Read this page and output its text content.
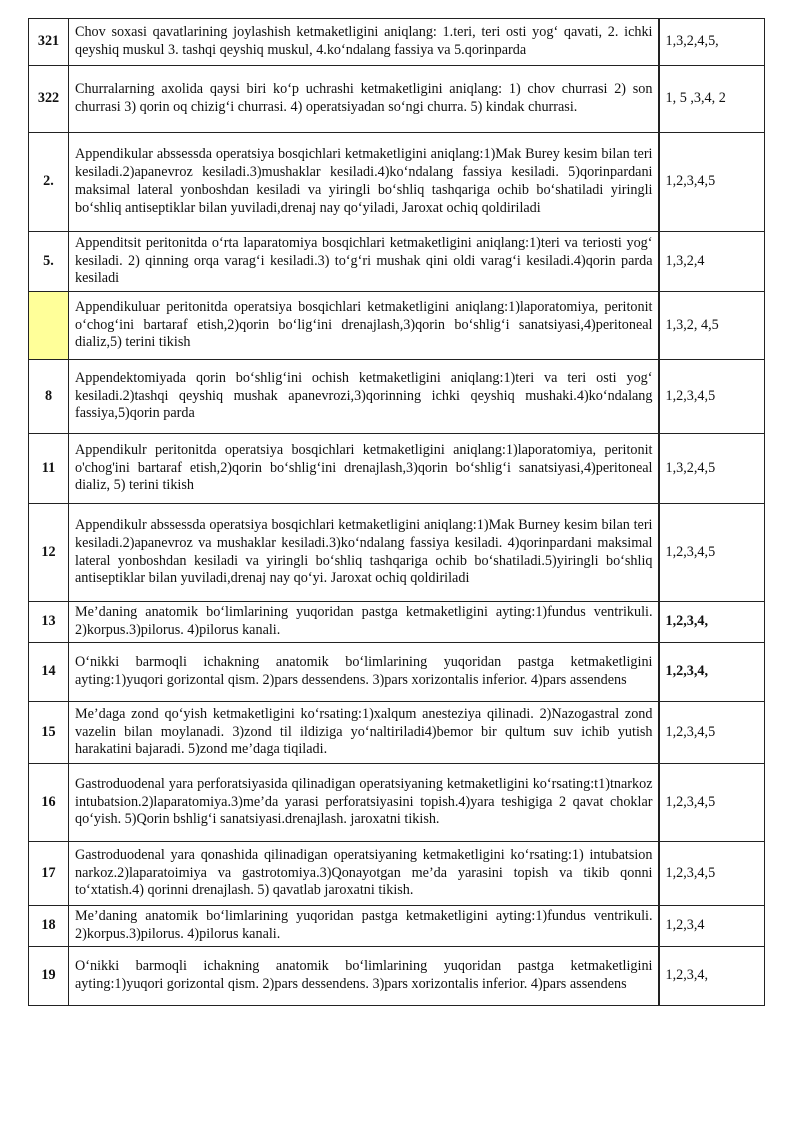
321	Chov soxasi qavatlarining joylashish ketmaketligini aniqlang: 1.teri, teri osti yog‘ qavati, 2. ichki qeyshiq muskul 3. tashqi qeyshiq muskul, 4.ko‘ndalang fassiya va 5.qorinparda	1,3,2,4,5,
322	Churralarning axolida qaysi biri ko‘p uchrashi ketmaketligini aniqlang: 1) chov churrasi 2) son churrasi 3) qorin oq chizig‘i churrasi. 4) operatsiyadan so‘ngi churra. 5) kindak churrasi.	1, 5 ,3,4, 2
2.	Appendikular abssessda operatsiya bosqichlari ketmaketligini aniqlang:1)Mak Burey kesim bilan teri kesiladi.2)apanevroz kesiladi.3)mushaklar kesiladi.4)ko‘ndalang fassiya kesiladi. 5)qorinpardani maksimal lateral yonboshdan kesiladi va yiringli bo‘shliq tashqariga ochib bo‘shatiladi yiringli bo‘shliq antiseptiklar bilan yuviladi,drenaj nay qo‘yiladi, Jaroxat ochiq qoldiriladi	1,2,3,4,5
5.	Appenditsit peritonitda o‘rta laparatomiya bosqichlari ketmaketligini aniqlang:1)teri va teriosti yog‘ kesiladi. 2) qinning orqa varag‘i kesiladi.3) to‘g‘ri mushak qini oldi varag‘i kesiladi.4)qorin parda kesiladi	1,3,2,4
	Appendikuluar peritonitda operatsiya bosqichlari ketmaketligini aniqlang:1)laporatomiya, peritonit o‘chog‘ini bartaraf etish,2)qorin bo‘lig‘ini drenajlash,3)qorin bo‘shlig‘i sanatsiyasi,4)peritoneal dializ,5) terini tikish	1,3,2, 4,5
8	Appendektomiyada qorin bo‘shlig‘ini ochish ketmaketligini aniqlang:1)teri va teri osti yog‘ kesiladi.2)tashqi qeyshiq mushak apanevrozi,3)qorinning ichki qeyshiq mushaki.4)ko‘ndalang fassiya,5)qorin parda	1,2,3,4,5
11	Appendikulr peritonitda operatsiya bosqichlari ketmaketligini aniqlang:1)laporatomiya, peritonit o'chog'ini bartaraf etish,2)qorin bo‘shlig‘ini drenajlash,3)qorin bo‘shlig‘i sanatsiyasi,4)peritoneal dializ, 5) terini tikish	1,3,2,4,5
12	Appendikulr abssessda operatsiya bosqichlari ketmaketligini aniqlang:1)Mak Burney kesim bilan teri kesiladi.2)apanevroz va mushaklar kesiladi.3)ko‘ndalang fassiya kesiladi. 4)qorinpardani maksimal lateral yonboshdan kesiladi va yiringli bo‘shliq tashqariga ochib bo‘shatiladi.5)yiringli bo‘shliq antiseptiklar bilan yuviladi,drenaj nay qo‘yi. Jaroxat ochiq qoldiriladi	1,2,3,4,5
13	Me’daning anatomik bo‘limlarining yuqoridan pastga ketmaketligini ayting:1)fundus ventrikuli. 2)korpus.3)pilorus. 4)pilorus kanali.	1,2,3,4,
14	O‘nikki barmoqli ichakning anatomik bo‘limlarining yuqoridan pastga ketmaketligini ayting:1)yuqori gorizontal qism. 2)pars dessendens. 3)pars xorizontalis inferior. 4)pars assendens	1,2,3,4,
15	Me’daga zond qo‘yish ketmaketligini ko‘rsating:1)xalqum anesteziya qilinadi. 2)Nazogastral zond vazelin bilan moylanadi. 3)zond til ildiziga yo‘naltiriladi4)bemor bir qultum suv ichib yutish harakatini bajaradi. 5)zond me’daga tiqiladi.	1,2,3,4,5
16	Gastroduodenal yara perforatsiyasida qilinadigan operatsiyaning ketmaketligini ko‘rsating:t1)tnarkoz intubatsion.2)laparatomiya.3)me’da yarasi perforatsiyasini topish.4)yara teshigiga 2 qavat choklar qo‘yish. 5)Qorin bshlig‘i sanatsiyasi.drenajlash. jaroxatni tikish.	1,2,3,4,5
17	Gastroduodenal yara qonashida qilinadigan operatsiyaning ketmaketligini ko‘rsating:1) intubatsion narkoz.2)laparatoimiya va gastrotomiya.3)Qonayotgan me’da yarasini topish va tikib qonni to‘xtatish.4) qorinni drenajlash. 5) qavatlab jaroxatni tikish.	1,2,3,4,5
18	Me’daning anatomik bo‘limlarining yuqoridan pastga ketmaketligini ayting:1)fundus ventrikuli. 2)korpus.3)pilorus. 4)pilorus kanali.	1,2,3,4
19	O‘nikki barmoqli ichakning anatomik bo‘limlarining yuqoridan pastga ketmaketligini ayting:1)yuqori gorizontal qism. 2)pars dessendens. 3)pars xorizontalis inferior. 4)pars assendens	1,2,3,4,
